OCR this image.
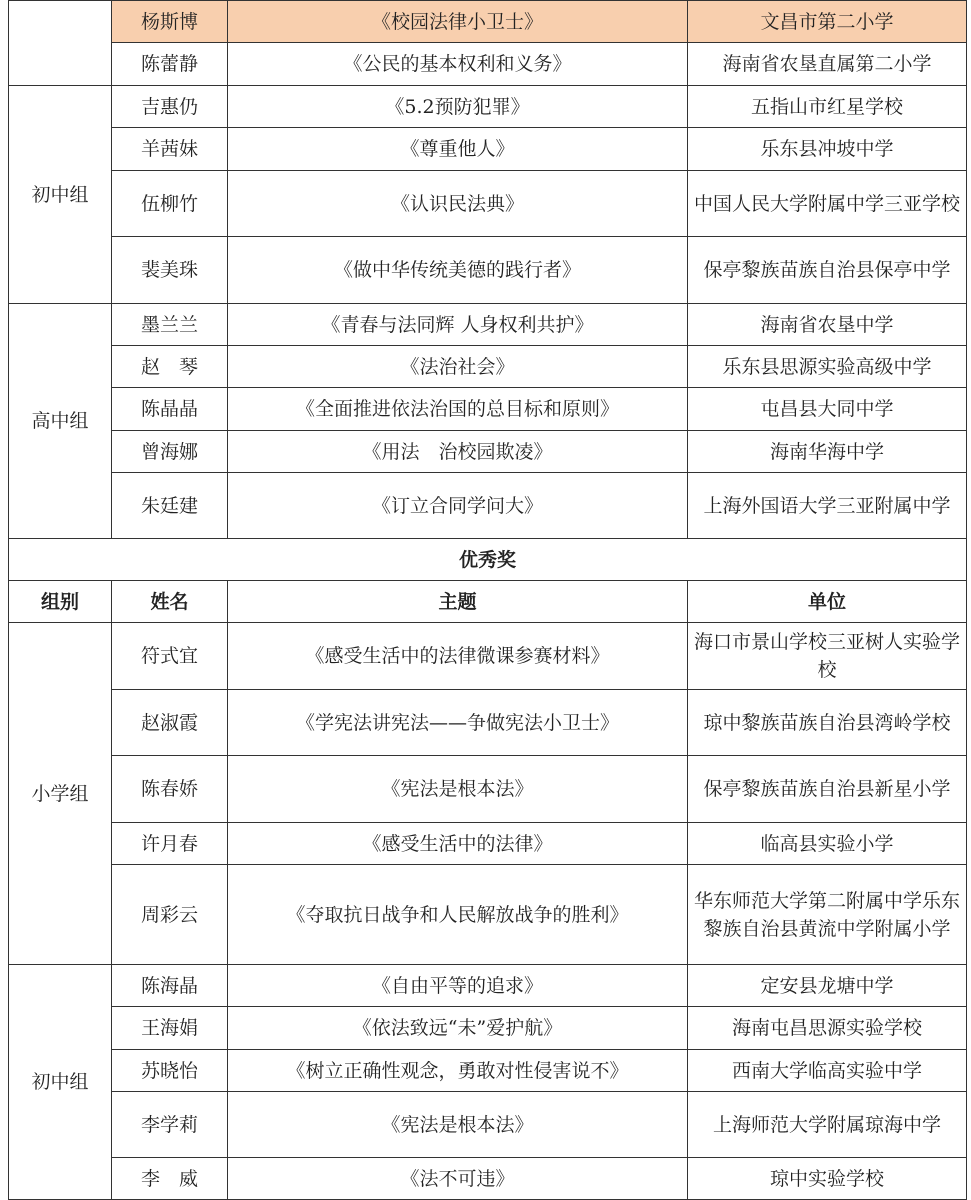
	杨斯博	《校园法律小卫士》	文昌市第二小学
	陈蕾静	《公民的基本权利和义务》	海南省农垦直属第二小学
初中组	吉惠仍	《5.2预防犯罪》	五指山市红星学校
	羊茜妹	《尊重他人》	乐东县冲坡中学
	伍柳竹	《认识民法典》	中国人民大学附属中学三亚学校
	裴美珠	《做中华传统美德的践行者》	保亭黎族苗族自治县保亭中学
高中组	墨兰兰	《青春与法同辉 人身权利共护》	海南省农垦中学
	赵　琴	《法治社会》	乐东县思源实验高级中学
	陈晶晶	《全面推进依法治国的总目标和原则》	屯昌县大同中学
	曾海娜	《用法　治校园欺凌》	海南华海中学
	朱廷建	《订立合同学问大》	上海外国语大学三亚附属中学
优秀奖			
组别	姓名	主题	单位
小学组	符式宜	《感受生活中的法律微课参赛材料》	海口市景山学校三亚树人实验学校
	赵淑霞	《学宪法讲宪法——争做宪法小卫士》	琼中黎族苗族自治县湾岭学校
	陈春娇	《宪法是根本法》	保亭黎族苗族自治县新星小学
	许月春	《感受生活中的法律》	临高县实验小学
	周彩云	《夺取抗日战争和人民解放战争的胜利》	华东师范大学第二附属中学乐东黎族自治县黄流中学附属小学
初中组	陈海晶	《自由平等的追求》	定安县龙塘中学
	王海娟	《依法致远“未”爱护航》	海南屯昌思源实验学校
	苏晓怡	《树立正确性观念，勇敢对性侵害说不》	西南大学临高实验中学
	李学莉	《宪法是根本法》	上海师范大学附属琼海中学
	李　威	《法不可违》	琼中实验学校
